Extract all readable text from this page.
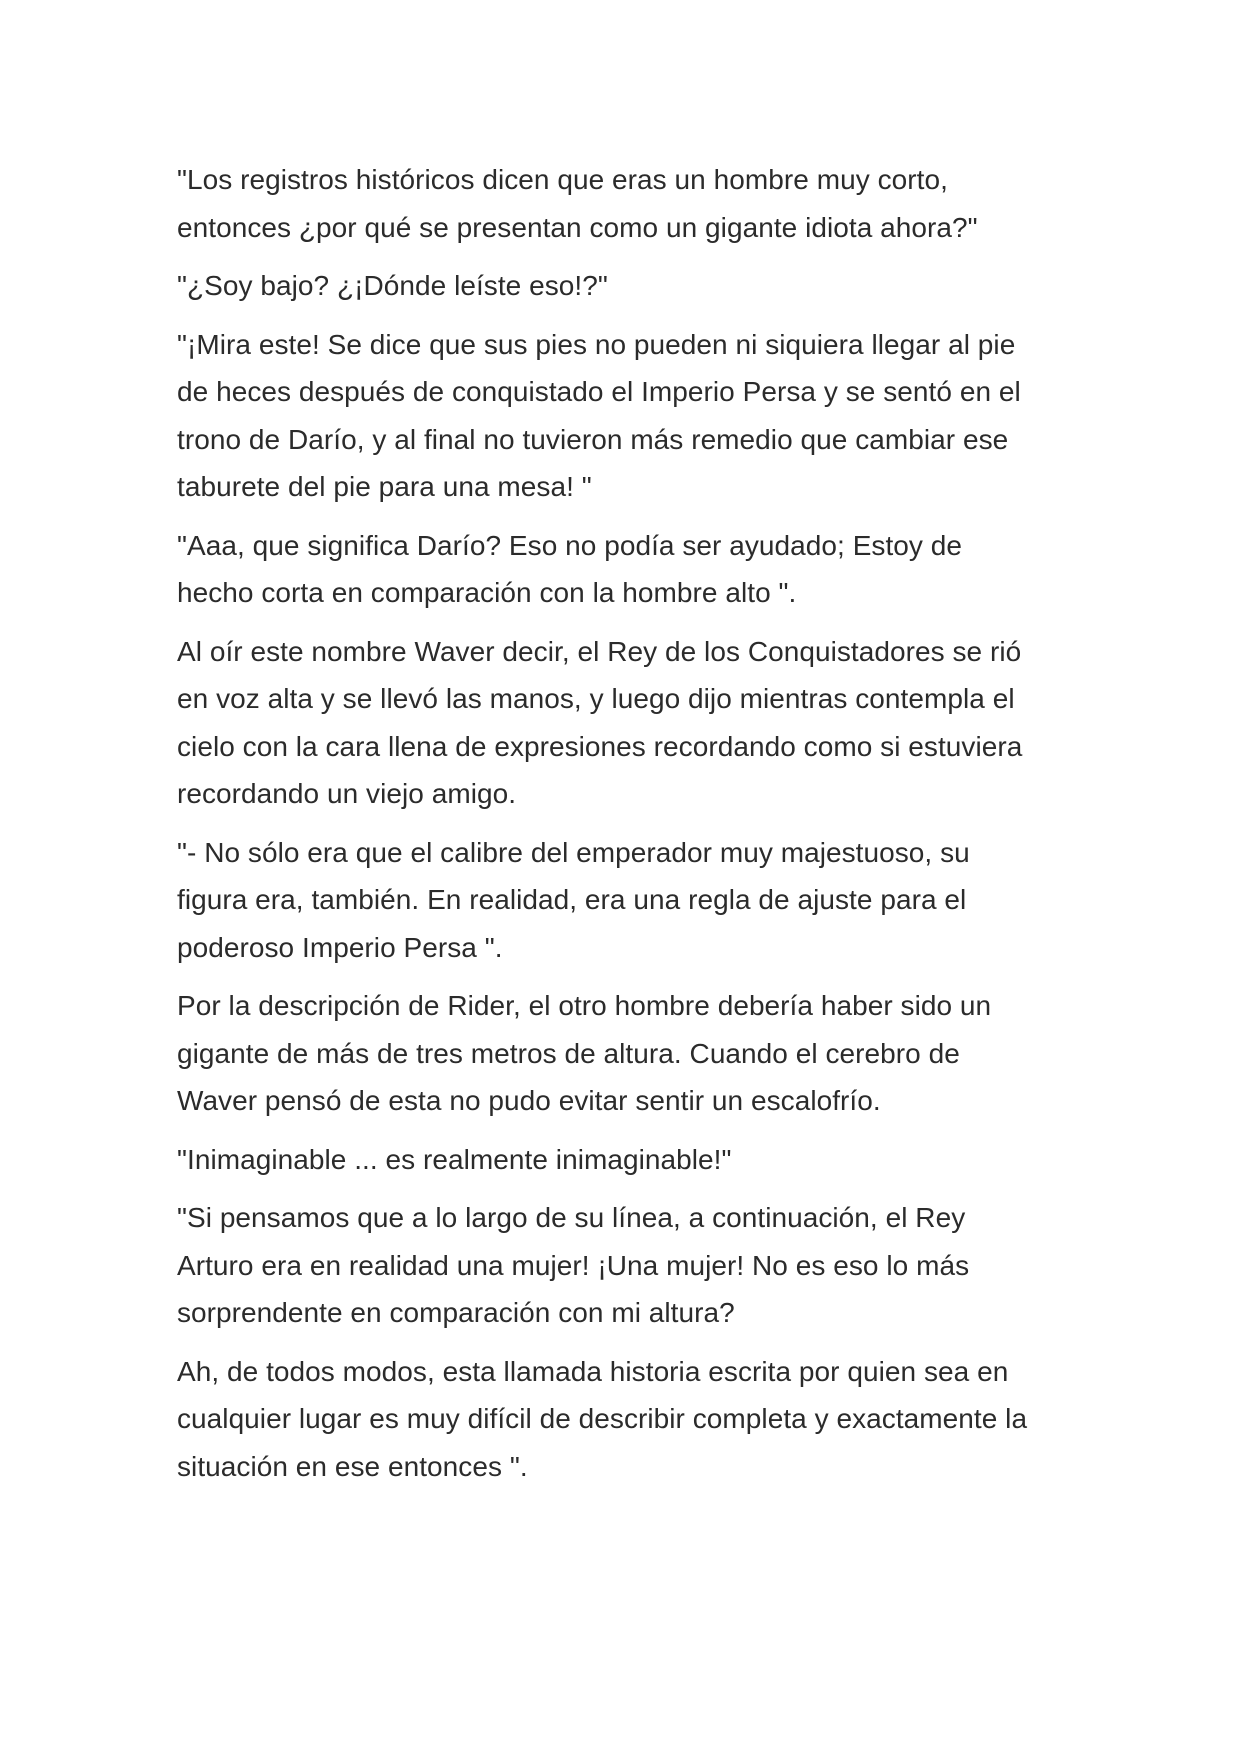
"Los registros históricos dicen que eras un hombre muy corto,
entonces ¿por qué se presentan como un gigante idiota ahora?"

"¿Soy bajo? ¿¡Dónde leíste eso!?"

"¡Mira este! Se dice que sus pies no pueden ni siquiera llegar al pie
de heces después de conquistado el Imperio Persa y se sentó en el
trono de Darío, y al final no tuvieron más remedio que cambiar ese
taburete del pie para una mesa! "

"Aaa, que significa Darío? Eso no podía ser ayudado; Estoy de
hecho corta en comparación con la hombre alto ".

Al oír este nombre Waver decir, el Rey de los Conquistadores se rió
en voz alta y se llevó las manos, y luego dijo mientras contempla el
cielo con la cara llena de expresiones recordando como si estuviera
recordando un viejo amigo.

"- No sólo era que el calibre del emperador muy majestuoso, su
figura era, también. En realidad, era una regla de ajuste para el
poderoso Imperio Persa ".

Por la descripción de Rider, el otro hombre debería haber sido un
gigante de más de tres metros de altura. Cuando el cerebro de
Waver pensó de esta no pudo evitar sentir un escalofrío.

"Inimaginable ... es realmente inimaginable!"

"Si pensamos que a lo largo de su línea, a continuación, el Rey
Arturo era en realidad una mujer! ¡Una mujer! No es eso lo más
sorprendente en comparación con mi altura?

Ah, de todos modos, esta llamada historia escrita por quien sea en
cualquier lugar es muy difícil de describir completa y exactamente la
situación en ese entonces ".
